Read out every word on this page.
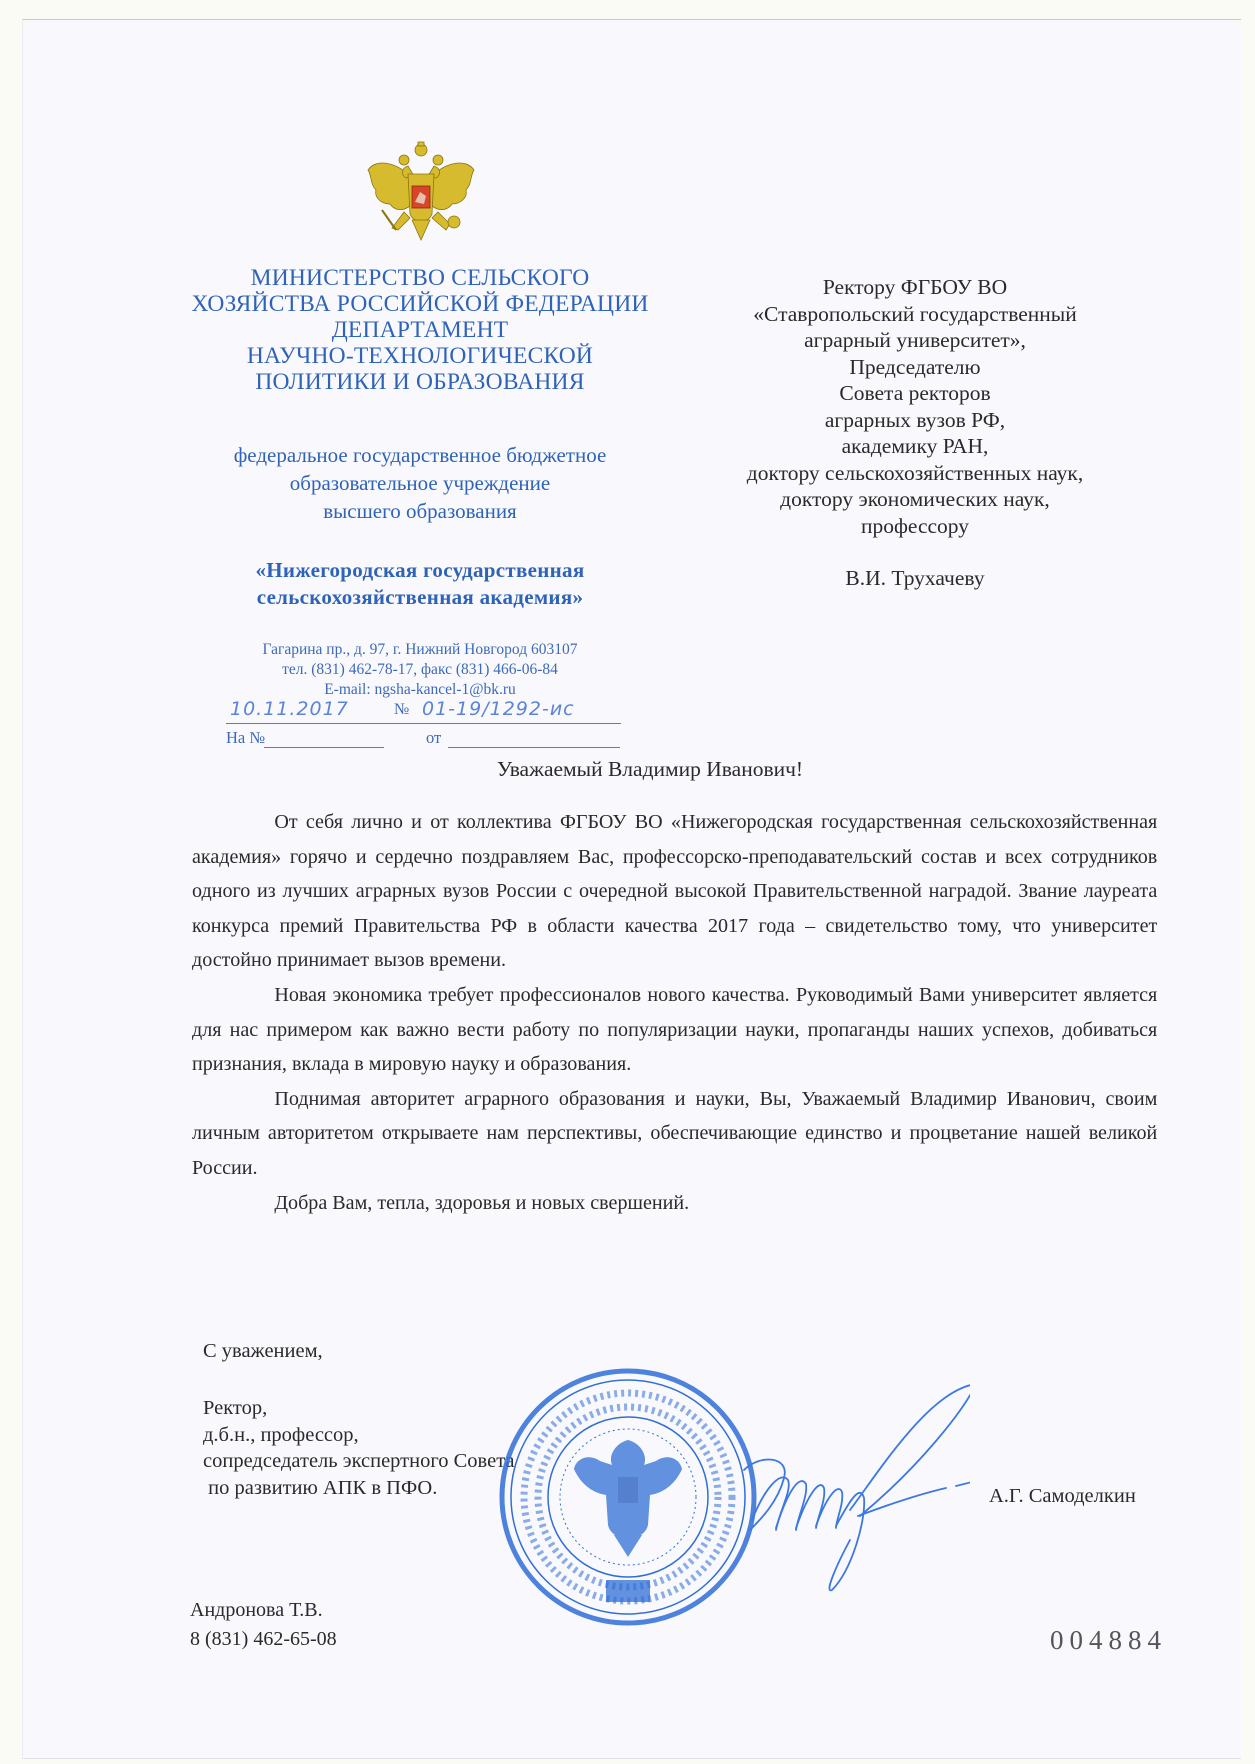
МИНИСТЕРСТВО СЕЛЬСКОГО
ХОЗЯЙСТВА РОССИЙСКОЙ ФЕДЕРАЦИИ
ДЕПАРТАМЕНТ
НАУЧНО-ТЕХНОЛОГИЧЕСКОЙ
ПОЛИТИКИ И ОБРАЗОВАНИЯ
федеральное государственное бюджетное
образовательное учреждение
высшего образования
«Нижегородская государственная
сельскохозяйственная академия»
Гагарина пр., д. 97, г. Нижний Новгород 603107
тел. (831) 462-78-17, факс (831) 466-06-84
E-mail: ngsha-kancel-1@bk.ru
10.11.2017	№ 01-19/1292-ис
На №	от
Ректору ФГБОУ ВО
«Ставропольский государственный
аграрный университет»,
Председателю
Совета ректоров
аграрных вузов РФ,
академику РАН,
доктору сельскохозяйственных наук,
доктору экономических наук,
профессору
В.И. Трухачеву
Уважаемый Владимир Иванович!

От себя лично и от коллектива ФГБОУ ВО «Нижегородская государственная сельскохозяйственная академия» горячо и сердечно поздравляем Вас, профессорско-преподавательский состав и всех сотрудников одного из лучших аграрных вузов России с очередной высокой Правительственной наградой. Звание лауреата конкурса премий Правительства РФ в области качества 2017 года – свидетельство тому, что университет достойно принимает вызов времени.

Новая экономика требует профессионалов нового качества. Руководимый Вами университет является для нас примером как важно вести работу по популяризации науки, пропаганды наших успехов, добиваться признания, вклада в мировую науку и образования.

Поднимая авторитет аграрного образования и науки, Вы, Уважаемый Владимир Иванович, своим личным авторитетом открываете нам перспективы, обеспечивающие единство и процветание нашей великой России.

Добра Вам, тепла, здоровья и новых свершений.

С уважением,
Ректор,
д.б.н., профессор,
сопредседатель экспертного Совета
по развитию АПК в ПФО.	А.Г. Самоделкин
Андронова Т.В.
8 (831) 462-65-08	004884
